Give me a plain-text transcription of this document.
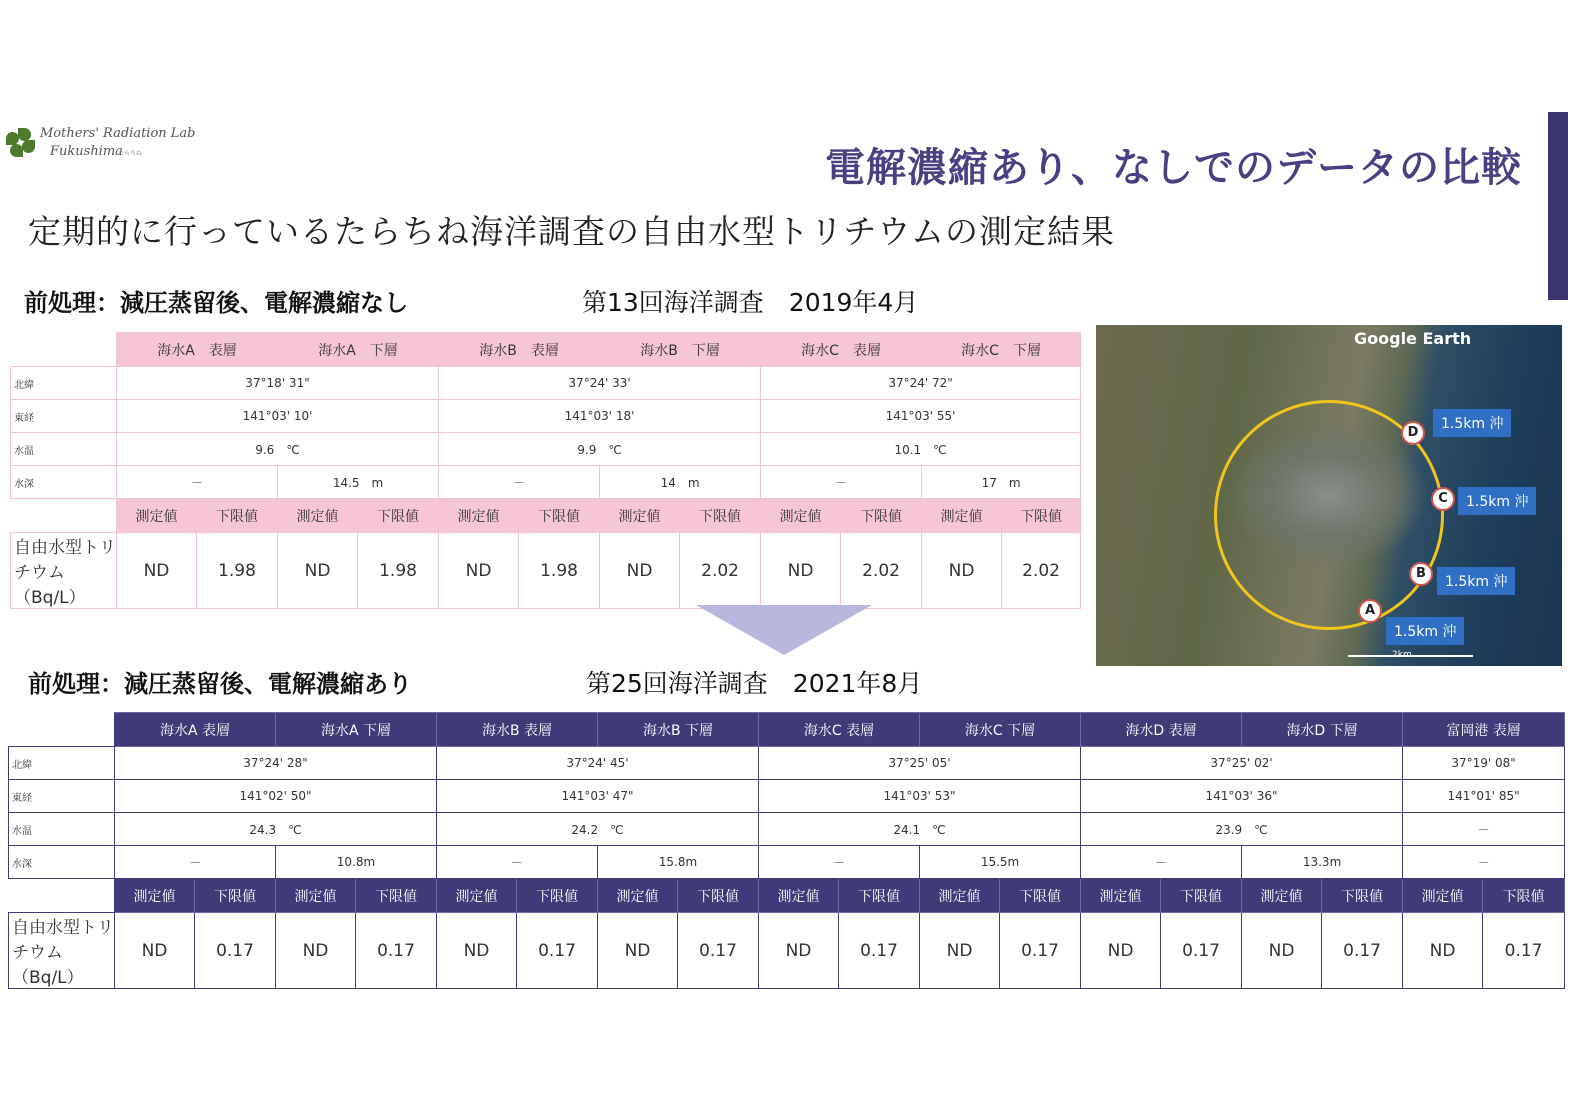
Mothers' Radiation Lab
Fukushima
たらちね	電解濃縮あり、なしでのデータの比較
定期的に行っているたらちね海洋調査の自由水型トリチウムの測定結果
前処理：減圧蒸留後、電解濃縮なし	第13回海洋調査　2019年4月
	海水A　表層		海水A　下層		海水B　表層		海水B　下層		海水C　表層		海水C　下層	
北緯	37°18' 31"				37°24' 33'				37°24' 72"			
東経	141°03' 10'				141°03' 18'				141°03' 55'			
水温	9.6　℃				9.9　℃				10.1　℃			
水深	－		14.5　m		－		14　m		－		17　m	
	測定値	下限値	測定値	下限値	測定値	下限値	測定値	下限値	測定値	下限値	測定値	下限値
自由水型トリチウム（Bq/L）	ND	1.98	ND	1.98	ND	1.98	ND	2.02	ND	2.02	ND	2.02
Google Earth
D
1.5km 沖
C	1.5km 沖
B
1.5km 沖
A
1.5km 沖
2km
前処理：減圧蒸留後、電解濃縮あり	第25回海洋調査　2021年8月
	海水A 表層		海水A 下層		海水B 表層		海水B 下層		海水C 表層		海水C 下層		海水D 表層		海水D 下層		富岡港 表層	
北緯	37°24' 28"				37°24' 45'				37°25' 05'				37°25' 02'				37°19' 08"	
東経	141°02' 50"				141°03' 47"				141°03' 53"				141°03' 36"				141°01' 85"	
水温	24.3　℃				24.2　℃				24.1　℃				23.9　℃				－	
水深	－		10.8m		－		15.8m		－		15.5m		－		13.3m		－	
	測定値	下限値	測定値	下限値	測定値	下限値	測定値	下限値	測定値	下限値	測定値	下限値	測定値	下限値	測定値	下限値	測定値	下限値
自由水型トリチウム（Bq/L）	ND	0.17	ND	0.17	ND	0.17	ND	0.17	ND	0.17	ND	0.17	ND	0.17	ND	0.17	ND	0.17
